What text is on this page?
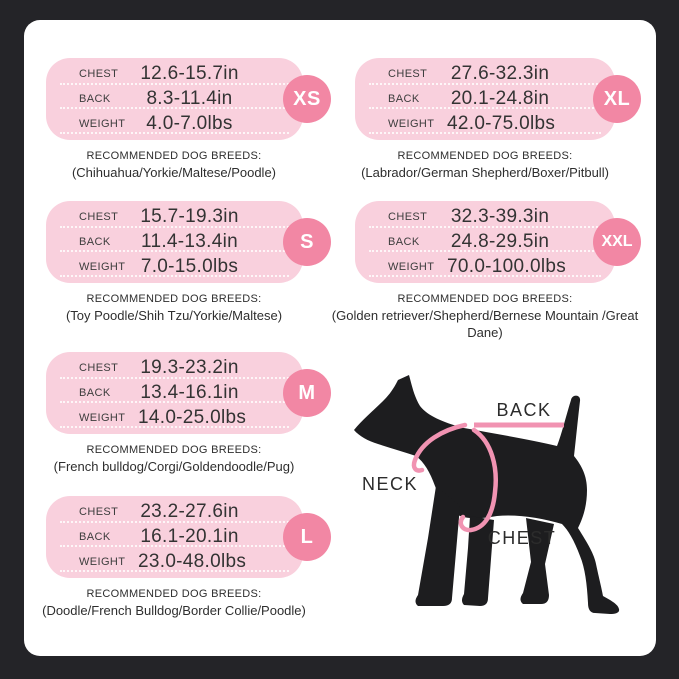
CHEST	12.6-15.7in
BACK	8.3-11.4in
WEIGHT	4.0-7.0lbs
XS
RECOMMENDED DOG BREEDS:
(Chihuahua/Yorkie/Maltese/Poodle)
CHEST	15.7-19.3in
BACK	11.4-13.4in
WEIGHT 7.0-15.0lbs
S
RECOMMENDED DOG BREEDS:
(Toy Poodle/Shih Tzu/Yorkie/Maltese)
CHEST	19.3-23.2in
BACK	13.4-16.1in
WEIGHT 14.0-25.0lbs
M
RECOMMENDED DOG BREEDS:
(French bulldog/Corgi/Goldendoodle/Pug)
CHEST	23.2-27.6in
BACK	16.1-20.1in
WEIGHT 23.0-48.0lbs
L
RECOMMENDED DOG BREEDS:
(Doodle/French Bulldog/Border Collie/Poodle)
CHEST	27.6-32.3in
BACK	20.1-24.8in
WEIGHT 42.0-75.0lbs
XL
RECOMMENDED DOG BREEDS:
(Labrador/German Shepherd/Boxer/Pitbull)
CHEST	32.3-39.3in
BACK	24.8-29.5in
WEIGHT 70.0-100.0lbs
XXL
RECOMMENDED DOG BREEDS:
(Golden retriever/Shepherd/Bernese Mountain /Great Dane)
BACK
NECK
CHEST
